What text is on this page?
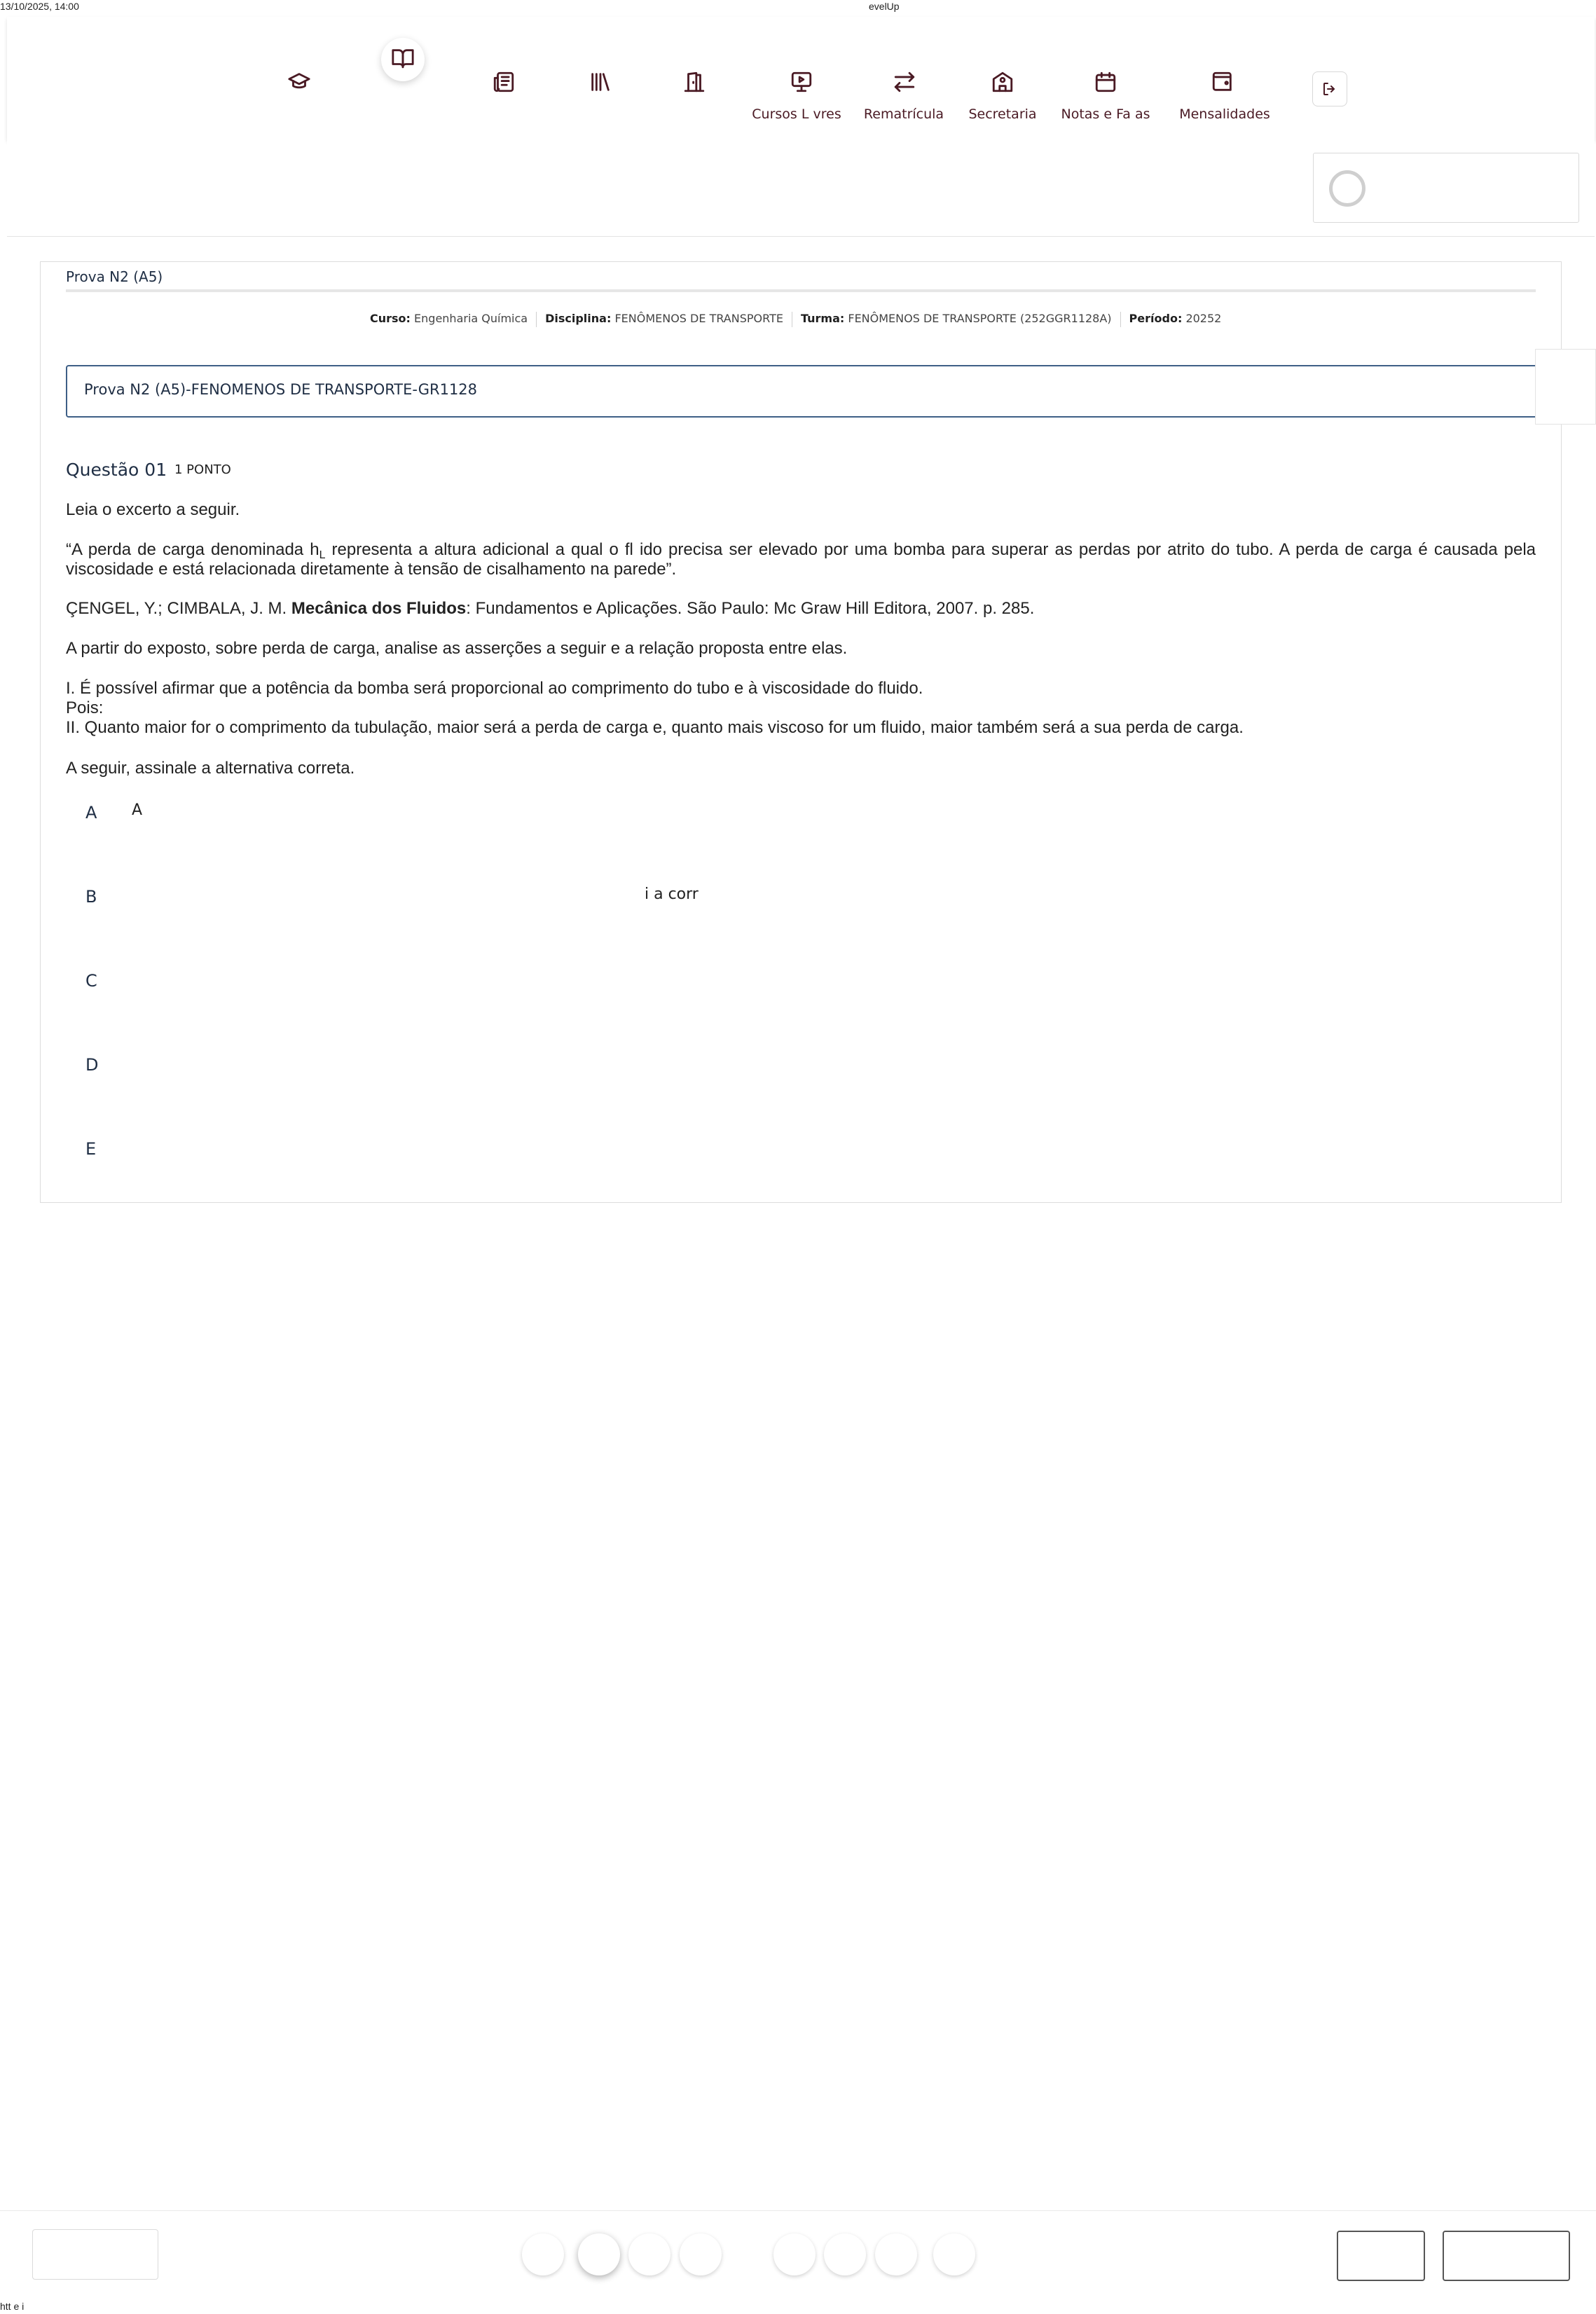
13/10/2025, 14:00	evelUp
Cursos L vres Rematrícula Secretaria Notas e Fa as Mensalidades
Prova N2 (A5)
Curso: Engenharia Química	Disciplina: FENÔMENOS DE TRANSPORTE	Turma: FENÔMENOS DE TRANSPORTE (252GGR1128A)	Período: 20252
Prova N2 (A5)-FENOMENOS DE TRANSPORTE-GR1128
Questão 01 1 PONTO
Leia o excerto a seguir.
“A perda de carga denominada $h_L$ representa a altura adicional a qual o fl ido precisa ser elevado por uma bomba para superar as perdas por atrito do tubo. A perda de carga é causada pela viscosidade e está relacionada diretamente à tensão de cisalhamento na parede”.
ÇENGEL, Y.; CIMBALA, J. M. Mecânica dos Fluidos: Fundamentos e Aplicações. São Paulo: Mc Graw Hill Editora, 2007. p. 285.
A partir do exposto, sobre perda de carga, analise as asserções a seguir e a relação proposta entre elas.
I. É possível afirmar que a potência da bomba será proporcional ao comprimento do tubo e à viscosidade do fluido.
Pois:
II. Quanto maior for o comprimento da tubulação, maior será a perda de carga e, quanto mais viscoso for um fluido, maior também será a sua perda de carga.
A seguir, assinale a alternativa correta.
A A
B	i a corr
C
D
E
htt e i
